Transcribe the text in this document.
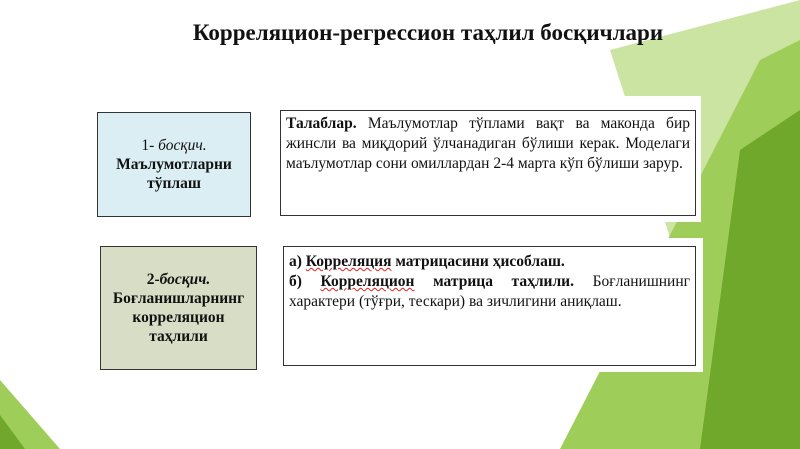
Корреляцион-регрессион таҳлил босқичлари
1- босқич.
Маълумотларни
тўплаш
Талаблар. Маълумотлар тўплами вақт ва маконда бир жинсли ва миқдорий ўлчанадиган бўлиши керак. Моделаги маълумотлар сони омиллардан 2-4 марта кўп бўлиши зарур.
2-босқич.
Боғланишларнинг
корреляцион
таҳлили
а) Корреляция матрицасини ҳисоблаш.
б) Корреляцион матрица таҳлили. Боғланишнинг характери (тўғри, тескари) ва зичлигини аниқлаш.
